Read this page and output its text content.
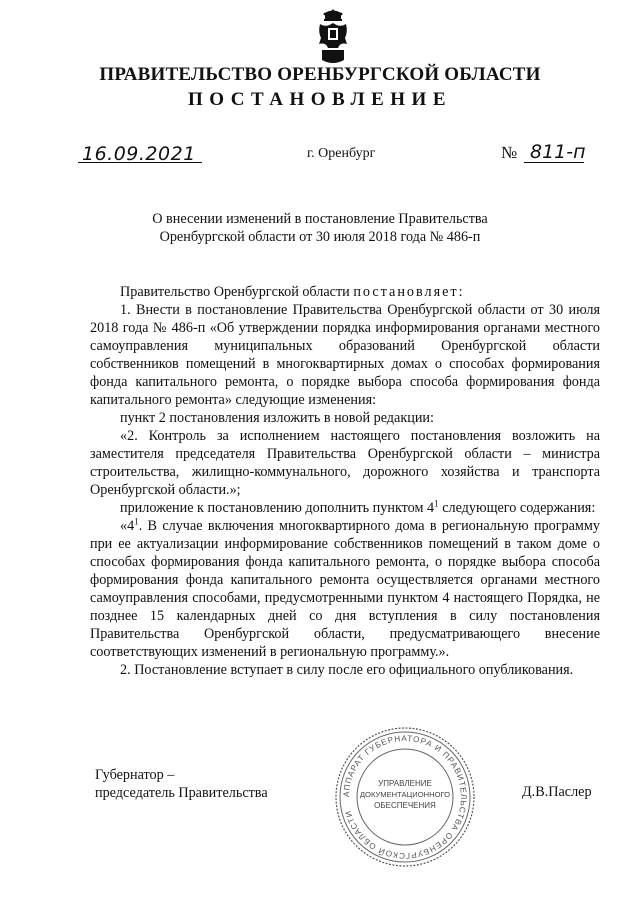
ПРАВИТЕЛЬСТВО ОРЕНБУРГСКОЙ ОБЛАСТИ
ПОСТАНОВЛЕНИЕ
16.09.2021	г. Оренбург	№ 811-п
О внесении изменений в постановление Правительства
Оренбургской области от 30 июля 2018 года № 486-п

Правительство Оренбургской области постановляет:

1. Внести в постановление Правительства Оренбургской области от 30 июля 2018 года № 486-п «Об утверждении порядка информирования органами местного самоуправления муниципальных образований Оренбургской области собственников помещений в многоквартирных домах о способах формирования фонда капитального ремонта, о порядке выбора способа формирования фонда капитального ремонта» следующие изменения:

пункт 2 постановления изложить в новой редакции:

«2. Контроль за исполнением настоящего постановления возложить на заместителя председателя Правительства Оренбургской области – министра строительства, жилищно-коммунального, дорожного хозяйства и транспорта Оренбургской области.»;

приложение к постановлению дополнить пунктом $4^1$ следующего содержания:

«$4^1$. В случае включения многоквартирного дома в региональную программу при ее актуализации информирование собственников помещений в таком доме о способах формирования фонда капитального ремонта, о порядке выбора способа формирования фонда капитального ремонта осуществляется органами местного самоуправления способами, предусмотренными пунктом 4 настоящего Порядка, не позднее 15 календарных дней со дня вступления в силу постановления Правительства Оренбургской области, предусматривающего внесение соответствующих изменений в региональную программу.».

2. Постановление вступает в силу после его официального опубликования.

Губернатор –
председатель Правительства	Д.В.Паслер
АППАРАТ ГУБЕРНАТОРА И ПРАВИТЕЛЬСТВА ОРЕНБУРГСКОЙ ОБЛАСТИ
УПРАВЛЕНИЕ
ДОКУМЕНТАЦИОННОГО
ОБЕСПЕЧЕНИЯ
